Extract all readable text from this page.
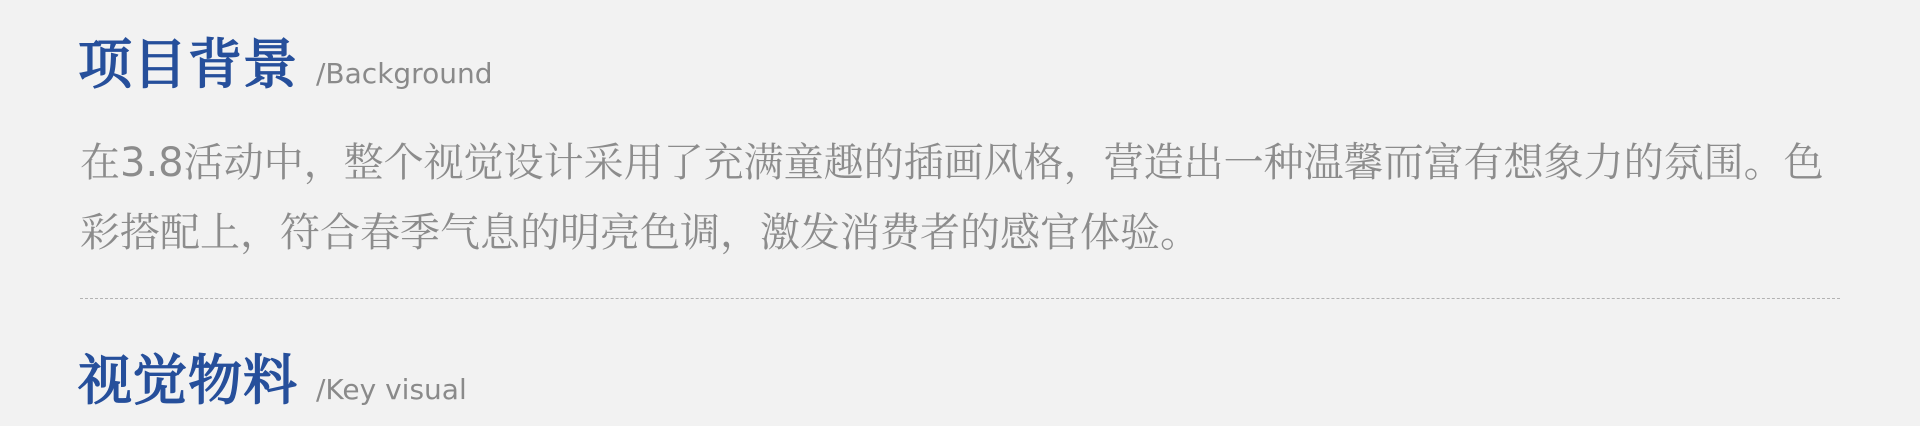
项目背景 /Background

在3.8活动中，整个视觉设计采用了充满童趣的插画风格，营造出一种温馨而富有想象力的氛围。色彩搭配上，符合春季气息的明亮色调，激发消费者的感官体验。

视觉物料 /Key visual
